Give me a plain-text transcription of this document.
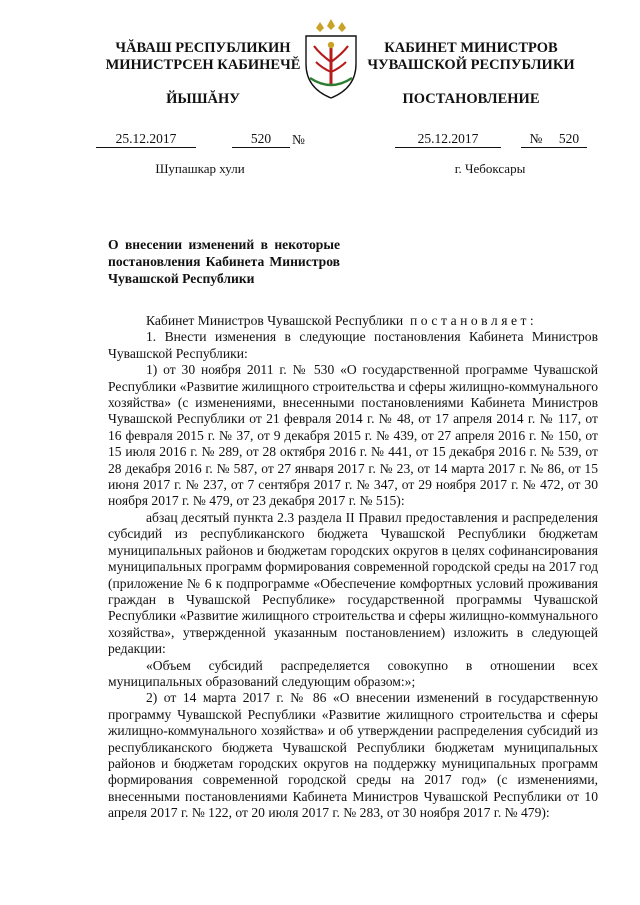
ЧĂВАШ РЕСПУБЛИКИН
МИНИСТРСЕН КАБИНЕЧĔ
ЙЫШĂНУ
КАБИНЕТ МИНИСТРОВ
ЧУВАШСКОЙ РЕСПУБЛИКИ
ПОСТАНОВЛЕНИЕ
25.12.2017	520	№	25.12.2017	№	520
Шупашкар хули	г. Чебоксары
О внесении изменений в некоторые постановления Кабинета Министров Чувашской Республики

Кабинет Министров Чувашской Республики постановляет:

1. Внести изменения в следующие постановления Кабинета Министров Чувашской Республики:

1) от 30 ноября 2011 г. № 530 «О государственной программе Чувашской Республики «Развитие жилищного строительства и сферы жилищно-коммунального хозяйства» (с изменениями, внесенными постановлениями Кабинета Министров Чувашской Республики от 21 февраля 2014 г. № 48, от 17 апреля 2014 г. № 117, от 16 февраля 2015 г. № 37, от 9 декабря 2015 г. № 439, от 27 апреля 2016 г. № 150, от 15 июля 2016 г. № 289, от 28 октября 2016 г. № 441, от 15 декабря 2016 г. № 539, от 28 декабря 2016 г. № 587, от 27 января 2017 г. № 23, от 14 марта 2017 г. № 86, от 15 июня 2017 г. № 237, от 7 сентября 2017 г. № 347, от 29 ноября 2017 г. № 472, от 30 ноября 2017 г. № 479, от 23 декабря 2017 г. № 515):

абзац десятый пункта 2.3 раздела II Правил предоставления и распределения субсидий из республиканского бюджета Чувашской Республики бюджетам муниципальных районов и бюджетам городских округов в целях софинансирования муниципальных программ формирования современной городской среды на 2017 год (приложение № 6 к подпрограмме «Обеспечение комфортных условий проживания граждан в Чувашской Республике» государственной программы Чувашской Республики «Развитие жилищного строительства и сферы жилищно-коммунального хозяйства», утвержденной указанным постановлением) изложить в следующей редакции:

«Объем субсидий распределяется совокупно в отношении всех муниципальных образований следующим образом:»;

2) от 14 марта 2017 г. № 86 «О внесении изменений в государственную программу Чувашской Республики «Развитие жилищного строительства и сферы жилищно-коммунального хозяйства» и об утверждении распределения субсидий из республиканского бюджета Чувашской Республики бюджетам муниципальных районов и бюджетам городских округов на поддержку муниципальных программ формирования современной городской среды на 2017 год» (с изменениями, внесенными постановлениями Кабинета Министров Чувашской Республики от 10 апреля 2017 г. № 122, от 20 июля 2017 г. № 283, от 30 ноября 2017 г. № 479):
